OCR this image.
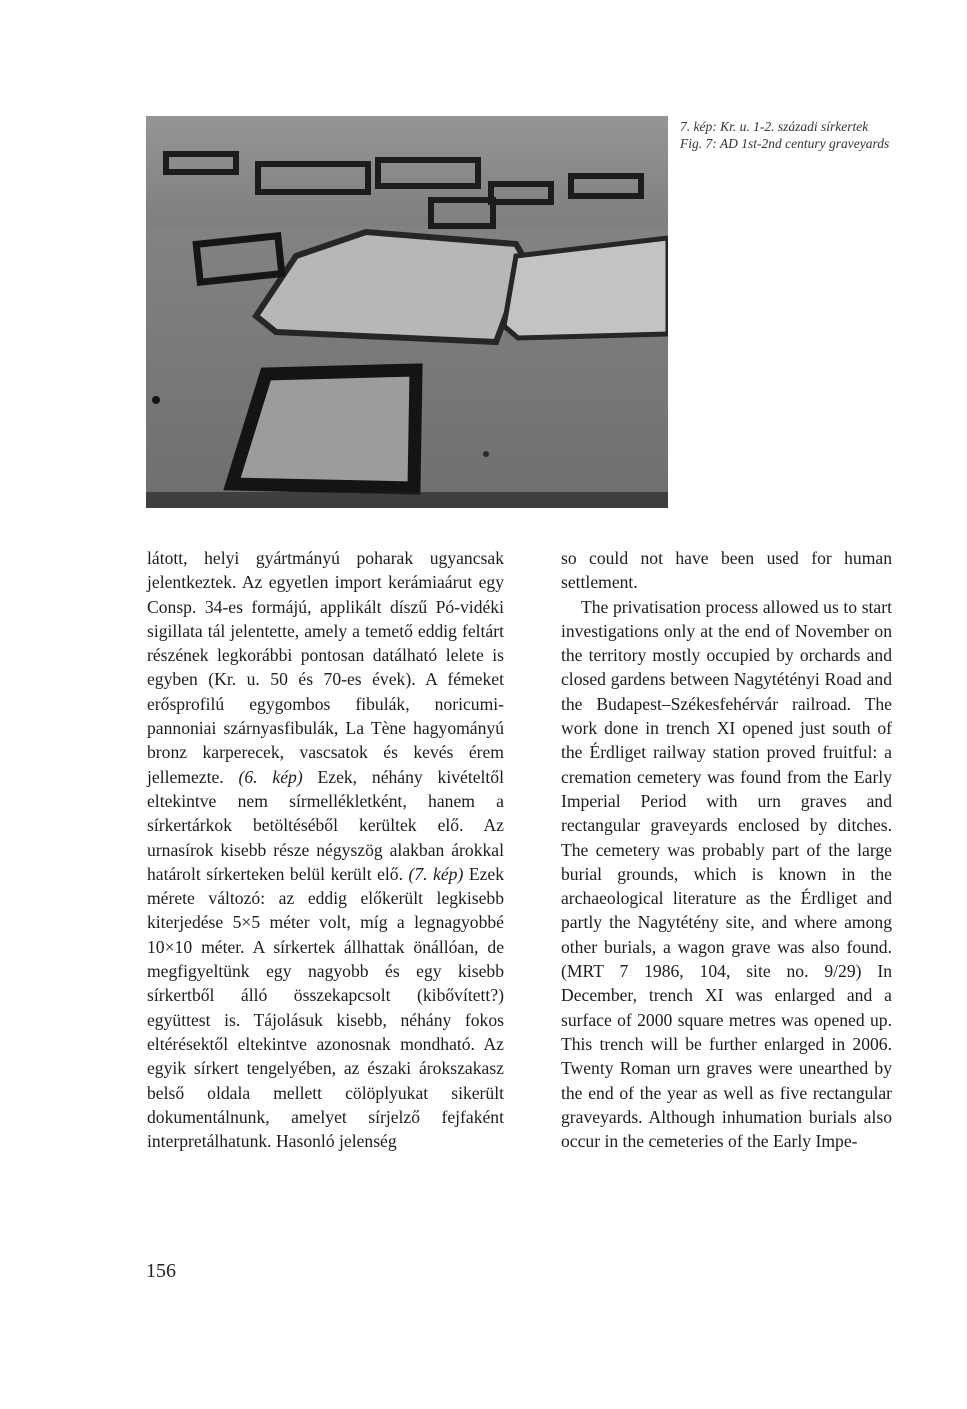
7. kép: Kr. u. 1-2. századi sírkertek

Fig. 7: AD 1st-2nd century graveyards

látott, helyi gyártmányú poharak ugyancsak jelentkeztek. Az egyetlen import kerámiaárut egy Consp. 34-es formájú, applikált díszű Pó-vidéki sigillata tál jelentette, amely a temető eddig feltárt részének legkorábbi pontosan datálható lelete is egyben (Kr. u. 50 és 70-es évek). A fémeket erősprofilú egygombos fibulák, noricumi-pannoniai szárnyasfibulák, La Tène hagyományú bronz karperecek, vascsatok és kevés érem jellemezte. (6. kép) Ezek, néhány kivételtől eltekintve nem sírmellékletként, hanem a sírkertárkok betöltéséből kerültek elő. Az urnasírok kisebb része négyszög alakban árokkal határolt sírkerteken belül került elő. (7. kép) Ezek mérete változó: az eddig előkerült legkisebb kiterjedése 5×5 méter volt, míg a legnagyobbé 10×10 méter. A sírkertek állhattak önállóan, de megfigyeltünk egy nagyobb és egy kisebb sírkertből álló összekapcsolt (kibővített?) együttest is. Tájolásuk kisebb, néhány fokos eltérésektől eltekintve azonosnak mondható. Az egyik sírkert tengelyében, az északi árokszakasz belső oldala mellett cölöplyukat sikerült dokumentálnunk, amelyet sírjelző fejfaként interpretálhatunk. Hasonló jelenség

so could not have been used for human settlement.

The privatisation process allowed us to start investigations only at the end of November on the territory mostly occupied by orchards and closed gardens between Nagytétényi Road and the Budapest–Székesfehérvár railroad. The work done in trench XI opened just south of the Érdliget railway station proved fruitful: a cremation cemetery was found from the Early Imperial Period with urn graves and rectangular graveyards enclosed by ditches. The cemetery was probably part of the large burial grounds, which is known in the archaeological literature as the Érdliget and partly the Nagytétény site, and where among other burials, a wagon grave was also found. (MRT 7 1986, 104, site no. 9/29) In December, trench XI was enlarged and a surface of 2000 square metres was opened up. This trench will be further enlarged in 2006. Twenty Roman urn graves were unearthed by the end of the year as well as five rectangular graveyards. Although inhumation burials also occur in the cemeteries of the Early Impe-

156
